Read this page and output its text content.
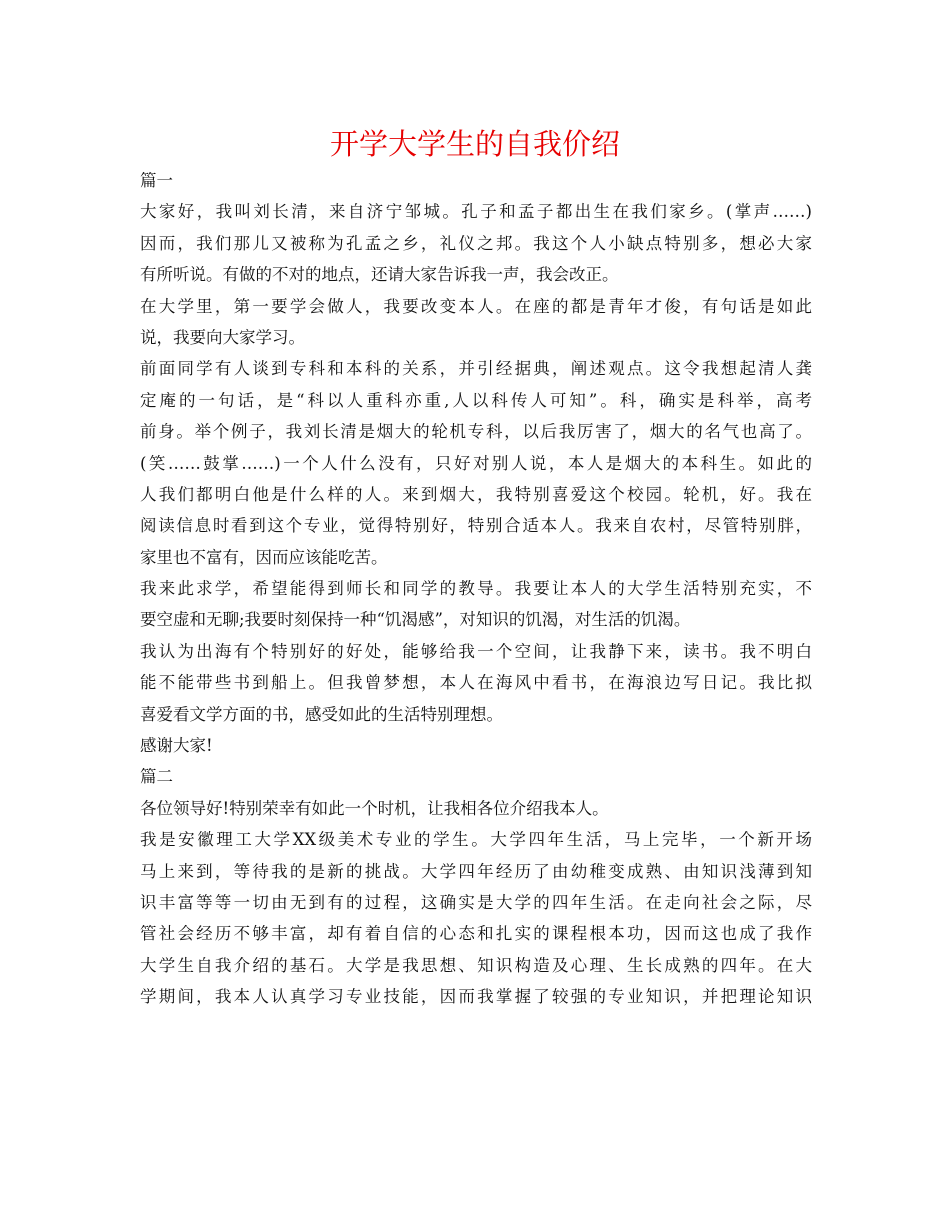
开学大学生的自我价绍
篇一
大家好，我叫刘长清，来自济宁邹城。孔子和孟子都出生在我们家乡。(掌声……)
因而，我们那儿又被称为孔孟之乡，礼仪之邦。我这个人小缺点特别多，想必大家
有所听说。有做的不对的地点，还请大家告诉我一声，我会改正。
在大学里，第一要学会做人，我要改变本人。在座的都是青年才俊，有句话是如此
说，我要向大家学习。
前面同学有人谈到专科和本科的关系，并引经据典，阐述观点。这令我想起清人龚
定庵的一句话，是“科以人重科亦重,人以科传人可知”。科，确实是科举，高考
前身。举个例子，我刘长清是烟大的轮机专科，以后我厉害了，烟大的名气也高了。
(笑……鼓掌……)一个人什么没有，只好对别人说，本人是烟大的本科生。如此的
人我们都明白他是什么样的人。来到烟大，我特别喜爱这个校园。轮机，好。我在
阅读信息时看到这个专业，觉得特别好，特别合适本人。我来自农村，尽管特别胖，
家里也不富有，因而应该能吃苦。
我来此求学，希望能得到师长和同学的教导。我要让本人的大学生活特别充实，不
要空虚和无聊;我要时刻保持一种“饥渴感”，对知识的饥渴，对生活的饥渴。
我认为出海有个特别好的好处，能够给我一个空间，让我静下来，读书。我不明白
能不能带些书到船上。但我曾梦想，本人在海风中看书，在海浪边写日记。我比拟
喜爱看文学方面的书，感受如此的生活特别理想。
感谢大家!
篇二
各位领导好!特别荣幸有如此一个时机，让我相各位介绍我本人。
我是安徽理工大学XX级美术专业的学生。大学四年生活，马上完毕，一个新开场
马上来到，等待我的是新的挑战。大学四年经历了由幼稚变成熟、由知识浅薄到知
识丰富等等一切由无到有的过程，这确实是大学的四年生活。在走向社会之际，尽
管社会经历不够丰富，却有着自信的心态和扎实的课程根本功，因而这也成了我作
大学生自我介绍的基石。大学是我思想、知识构造及心理、生长成熟的四年。在大
学期间，我本人认真学习专业技能，因而我掌握了较强的专业知识，并把理论知识
